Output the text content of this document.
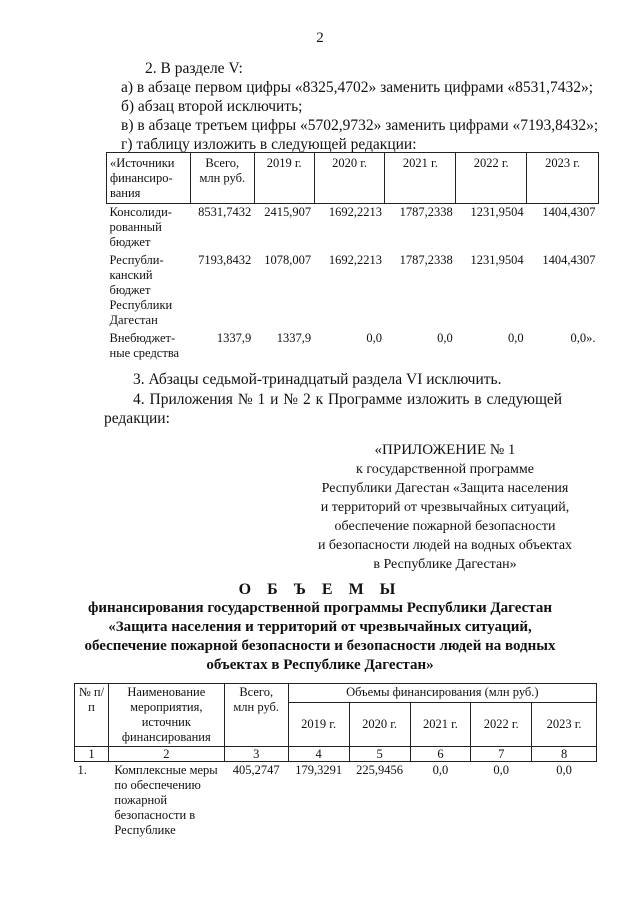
2
2. В разделе V:
а) в абзаце первом цифры «8325,4702» заменить цифрами «8531,7432»;
б) абзац второй исключить;
в) в абзаце третьем цифры «5702,9732» заменить цифрами «7193,8432»;
г) таблицу изложить в следующей редакции:
«Источники финансиро-вания	Всего, млн руб.	2019 г.	2020 г.	2021 г.	2022 г.	2023 г.
Консолиди-рованный бюджет	8531,7432	2415,907	1692,2213	1787,2338	1231,9504	1404,4307
Республи-канский бюджет Республики Дагестан	7193,8432	1078,007	1692,2213	1787,2338	1231,9504	1404,4307
Внебюджет-ные средства	1337,9	1337,9	0,0	0,0	0,0	0,0».
3. Абзацы седьмой-тринадцатый раздела VI исключить.
4. Приложения № 1 и № 2 к Программе изложить в следующей
редакции:
«ПРИЛОЖЕНИЕ № 1
к государственной программе
Республики Дагестан «Защита населения
и территорий от чрезвычайных ситуаций,
обеспечение пожарной безопасности
и безопасности людей на водных объектах
в Республике Дагестан»
О Б Ъ Е М Ы
финансирования государственной программы Республики Дагестан
«Защита населения и территорий от чрезвычайных ситуаций,
обеспечение пожарной безопасности и безопасности людей на водных
объектах в Республике Дагестан»
№ п/п	Наименование мероприятия, источник финансирования	Всего, млн руб.	Объемы финансирования (млн руб.)				
			2019 г.	2020 г.	2021 г.	2022 г.	2023 г.
1	2	3	4	5	6	7	8
1.	Комплексные меры по обеспечению пожарной безопасности в Республике	405,2747	179,3291	225,9456	0,0	0,0	0,0
